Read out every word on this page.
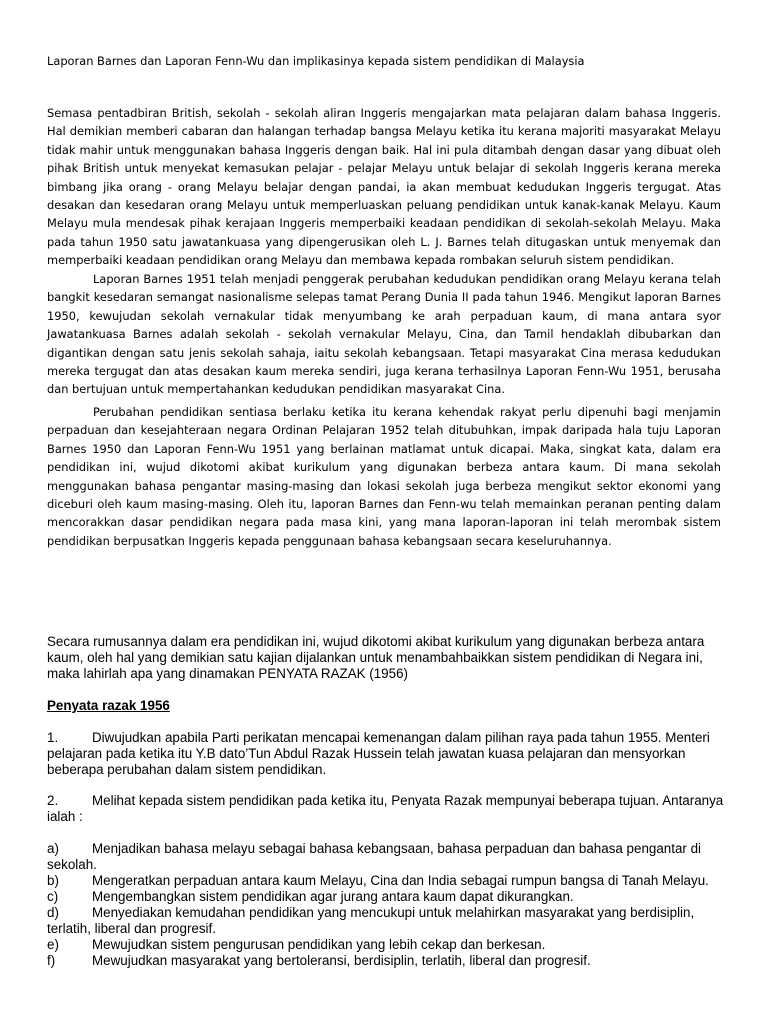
Laporan Barnes dan Laporan Fenn-Wu dan implikasinya kepada sistem pendidikan di Malaysia

Semasa pentadbiran British, sekolah - sekolah aliran Inggeris mengajarkan mata pelajaran dalam bahasa Inggeris. Hal demikian memberi cabaran dan halangan terhadap bangsa Melayu ketika itu kerana majoriti masyarakat Melayu tidak mahir untuk menggunakan bahasa Inggeris dengan baik. Hal ini pula ditambah dengan dasar yang dibuat oleh pihak British untuk menyekat kemasukan pelajar - pelajar Melayu untuk belajar di sekolah Inggeris kerana mereka bimbang jika orang - orang Melayu belajar dengan pandai, ia akan membuat kedudukan Inggeris tergugat. Atas desakan dan kesedaran orang Melayu untuk memperluaskan peluang pendidikan untuk kanak-kanak Melayu. Kaum Melayu mula mendesak pihak kerajaan Inggeris memperbaiki keadaan pendidikan di sekolah-sekolah Melayu. Maka pada tahun 1950 satu jawatankuasa yang dipengerusikan oleh L. J. Barnes telah ditugaskan untuk menyemak dan memperbaiki keadaan pendidikan orang Melayu dan membawa kepada rombakan seluruh sistem pendidikan.

Laporan Barnes 1951 telah menjadi penggerak perubahan kedudukan pendidikan orang Melayu kerana telah bangkit kesedaran semangat nasionalisme selepas tamat Perang Dunia II pada tahun 1946. Mengikut laporan Barnes 1950, kewujudan sekolah vernakular tidak menyumbang ke arah perpaduan kaum, di mana antara syor Jawatankuasa Barnes adalah sekolah - sekolah vernakular Melayu, Cina, dan Tamil hendaklah dibubarkan dan digantikan dengan satu jenis sekolah sahaja, iaitu sekolah kebangsaan. Tetapi masyarakat Cina merasa kedudukan mereka tergugat dan atas desakan kaum mereka sendiri, juga kerana terhasilnya Laporan Fenn-Wu 1951, berusaha dan bertujuan untuk mempertahankan kedudukan pendidikan masyarakat Cina.

Perubahan pendidikan sentiasa berlaku ketika itu kerana kehendak rakyat perlu dipenuhi bagi menjamin perpaduan dan kesejahteraan negara Ordinan Pelajaran 1952 telah ditubuhkan, impak daripada hala tuju Laporan Barnes 1950 dan Laporan Fenn-Wu 1951 yang berlainan matlamat untuk dicapai. Maka, singkat kata, dalam era pendidikan ini, wujud dikotomi akibat kurikulum yang digunakan berbeza antara kaum. Di mana sekolah menggunakan bahasa pengantar masing-masing dan lokasi sekolah juga berbeza mengikut sektor ekonomi yang diceburi oleh kaum masing-masing. Oleh itu, laporan Barnes dan Fenn-wu telah memainkan peranan penting dalam mencorakkan dasar pendidikan negara pada masa kini, yang mana laporan-laporan ini telah merombak sistem pendidikan berpusatkan Inggeris kepada penggunaan bahasa kebangsaan secara keseluruhannya.

Secara rumusannya dalam era pendidikan ini, wujud dikotomi akibat kurikulum yang digunakan berbeza antara kaum, oleh hal yang demikian satu kajian dijalankan untuk menambahbaikkan sistem pendidikan di Negara ini, maka lahirlah apa yang dinamakan PENYATA RAZAK (1956)

Penyata razak 1956

1.	Diwujudkan apabila Parti perikatan mencapai kemenangan dalam pilihan raya pada tahun 1955. Menteri pelajaran pada ketika itu Y.B dato’Tun Abdul Razak Hussein telah jawatan kuasa pelajaran dan mensyorkan beberapa perubahan dalam sistem pendidikan.

2.	Melihat kepada sistem pendidikan pada ketika itu, Penyata Razak mempunyai beberapa tujuan. Antaranya ialah :

a) Menjadikan bahasa melayu sebagai bahasa kebangsaan, bahasa perpaduan dan bahasa pengantar di sekolah.
b) Mengeratkan perpaduan antara kaum Melayu, Cina dan India sebagai rumpun bangsa di Tanah Melayu.
c)	Mengembangkan sistem pendidikan agar jurang antara kaum dapat dikurangkan.
d) Menyediakan kemudahan pendidikan yang mencukupi untuk melahirkan masyarakat yang berdisiplin, terlatih, liberal dan progresif.
e) Mewujudkan sistem pengurusan pendidikan yang lebih cekap dan berkesan.
f)	Mewujudkan masyarakat yang bertoleransi, berdisiplin, terlatih, liberal dan progresif.
